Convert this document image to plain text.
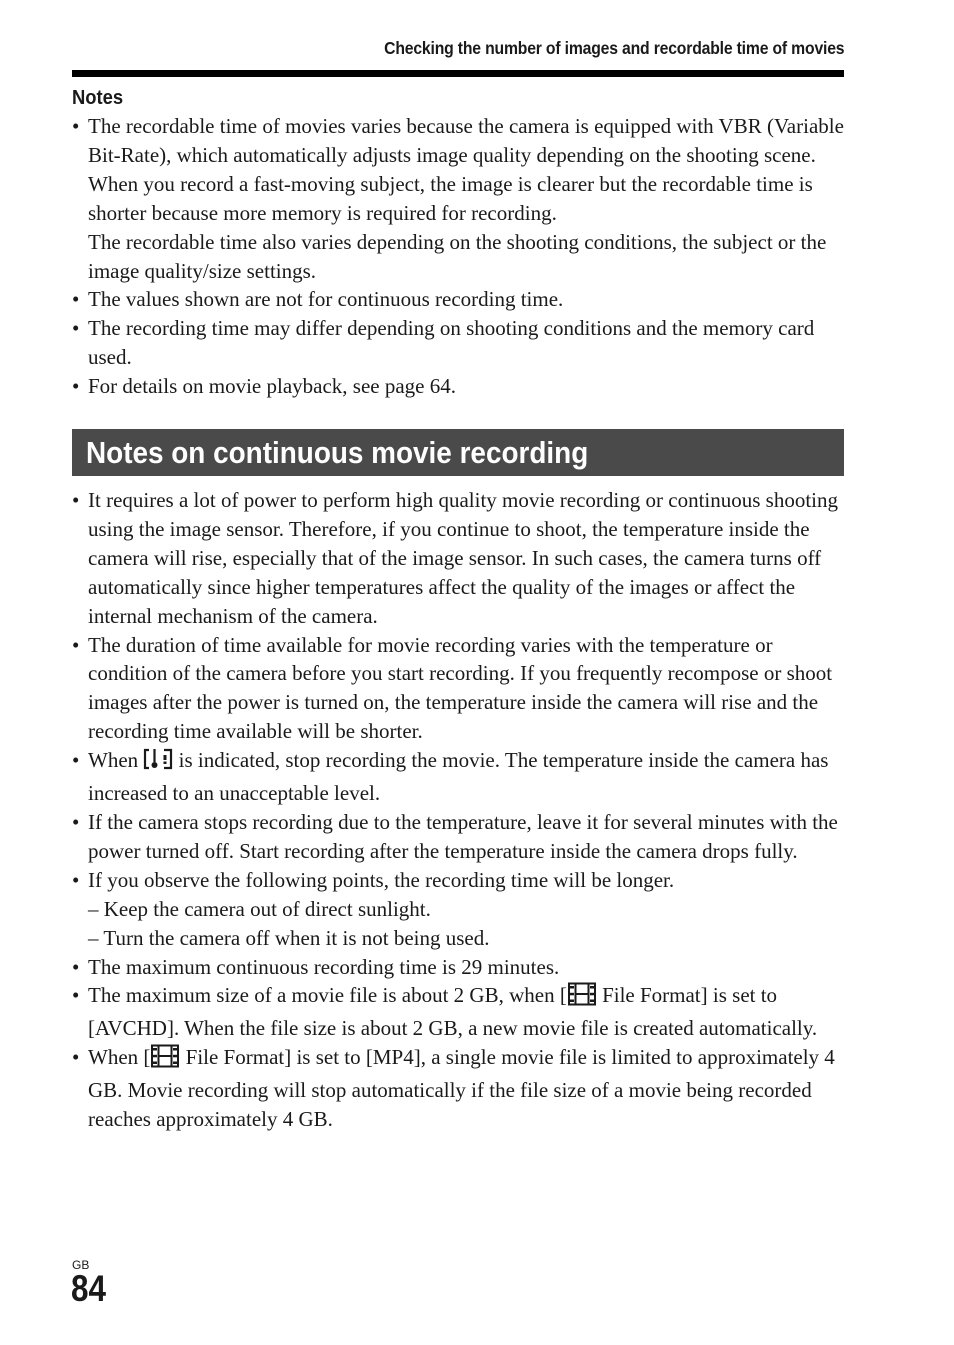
Checking the number of images and recordable time of movies
Notes
• The recordable time of movies varies because the camera is equipped with VBR (Variable Bit-Rate), which automatically adjusts image quality depending on the shooting scene. When you record a fast-moving subject, the image is clearer but the recordable time is shorter because more memory is required for recording.
The recordable time also varies depending on the shooting conditions, the subject or the image quality/size settings.
• The values shown are not for continuous recording time.
• The recording time may differ depending on shooting conditions and the memory card used.
• For details on movie playback, see page 64.
Notes on continuous movie recording
• It requires a lot of power to perform high quality movie recording or continuous shooting using the image sensor. Therefore, if you continue to shoot, the temperature inside the camera will rise, especially that of the image sensor. In such cases, the camera turns off automatically since higher temperatures affect the quality of the images or affect the internal mechanism of the camera.
• The duration of time available for movie recording varies with the temperature or condition of the camera before you start recording. If you frequently recompose or shoot images after the power is turned on, the temperature inside the camera will rise and the recording time available will be shorter.
• When is indicated, stop recording the movie. The temperature inside the camera has increased to an unacceptable level.
• If the camera stops recording due to the temperature, leave it for several minutes with the power turned off. Start recording after the temperature inside the camera drops fully.
• If you observe the following points, the recording time will be longer.
– Keep the camera out of direct sunlight.
– Turn the camera off when it is not being used.
• The maximum continuous recording time is 29 minutes.
• The maximum size of a movie file is about 2 GB, when [ File Format] is set to [AVCHD]. When the file size is about 2 GB, a new movie file is created automatically.
• When [ File Format] is set to [MP4], a single movie file is limited to approximately 4 GB. Movie recording will stop automatically if the file size of a movie being recorded reaches approximately 4 GB.
GB
84
